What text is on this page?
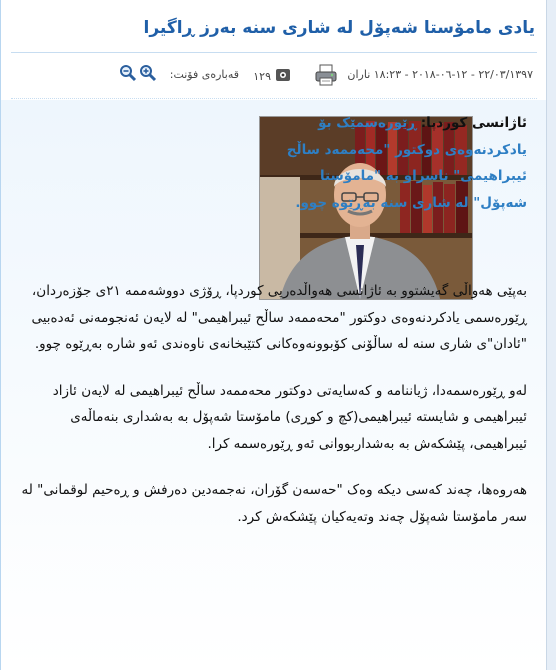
یادی مامۆستا شەپۆل لە شاری سنە بەرز ڕاگیرا
٢٢/٠٣/١٣٩٧ - ١٢-٠٦-٢٠١٨ - ١٨:٢٣ ناران
١٢٩
قەبارەی فۆنت:
ئاژانسی کوردپا: ڕێورەسمێک بۆ یادکردنەوەی دوکتور "محەممەد ساڵح ئیبراهیمی" ناسراو بە "مامۆستا شەپۆل" لە شاری سنە بەڕێوە چوو.

بەپێی هەواڵی گەیشتوو بە ئاژانسی هەواڵدەریی کوردپا، ڕۆژی دووشەممە ٢١ی جۆزەردان، ڕێورەسمی یادکردنەوەی دوکتور "محەممەد ساڵح ئیبراهیمی" لە لایەن ئەنجومەنی ئەدەبیی "ئادان"ی شاری سنە لە ساڵۆنی کۆبوونەوەکانی کتێبخانەی ناوەندی ئەو شارە بەڕێوە چوو.

لەو ڕێورەسمەدا، ژیاننامە و کەسایەتی دوکتور محەممەد ساڵح ئیبراهیمی لە لایەن ئازاد ئیبراهیمی و شایستە ئیبراهیمی(کچ و کوڕی) مامۆستا شەپۆل بە بەشداری بنەماڵەی ئیبراهیمی، پێشکەش بە بەشداربووانی ئەو ڕێورەسمە کرا.

هەروەها، چەند کەسی دیکە وەک "حەسەن گۆران، نەجمەدین دەرفش و ڕەحیم لوقمانی" لە سەر مامۆستا شەپۆل چەند وتەیەکیان پێشکەش کرد.
